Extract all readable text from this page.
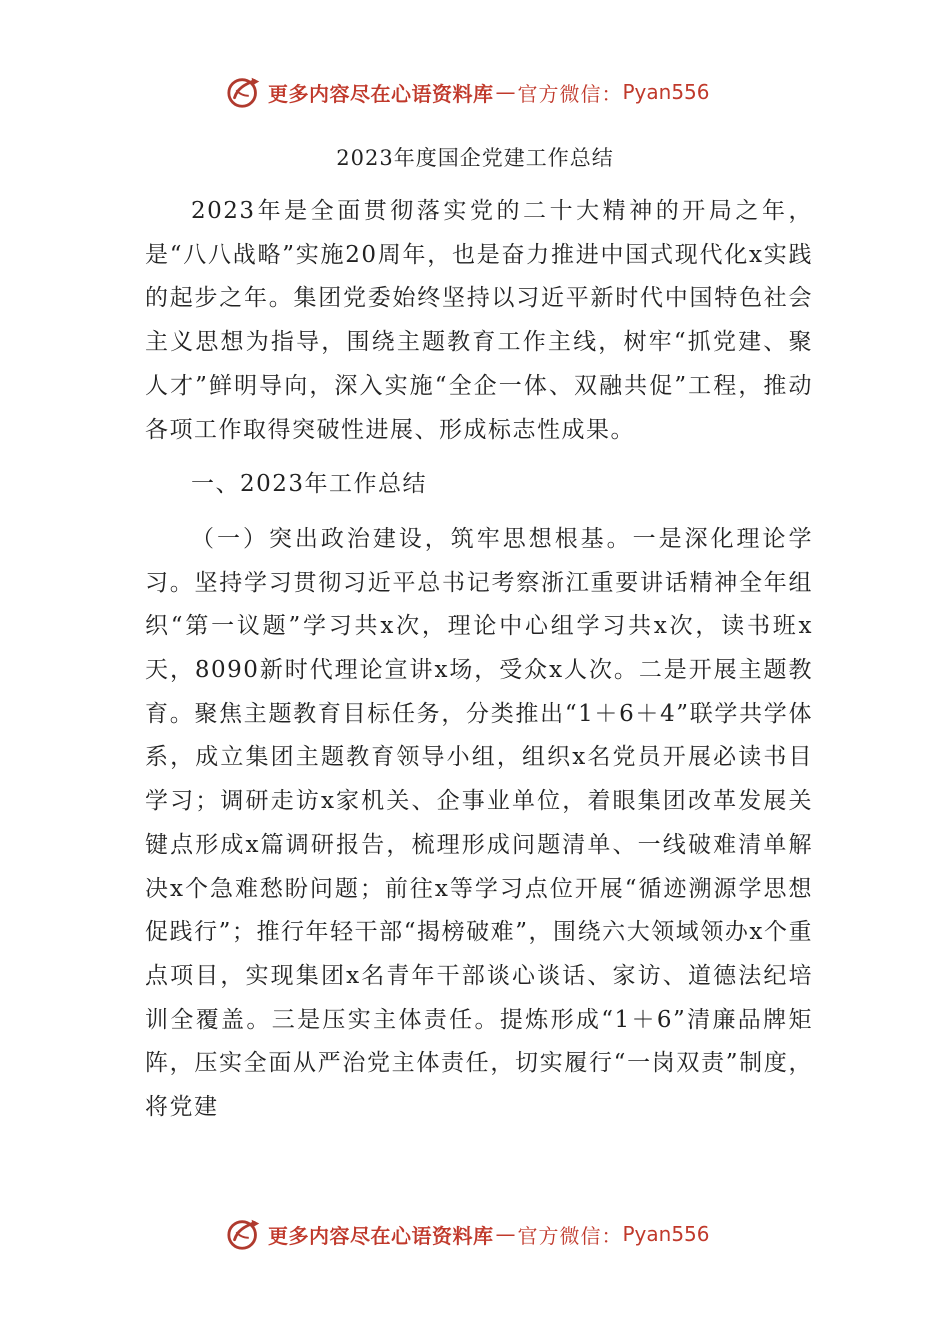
更多内容尽在心语资料库 — 官方微信： Pyan556
2023年度国企党建工作总结

2023年是全面贯彻落实党的二十大精神的开局之年，是“八八战略”实施20周年，也是奋力推进中国式现代化x实践的起步之年。集团党委始终坚持以习近平新时代中国特色社会主义思想为指导，围绕主题教育工作主线，树牢“抓党建、聚人才”鲜明导向，深入实施“全企一体、双融共促”工程，推动各项工作取得突破性进展、形成标志性成果。

一、2023年工作总结

（一）突出政治建设，筑牢思想根基。一是深化理论学习。坚持学习贯彻习近平总书记考察浙江重要讲话精神全年组织“第一议题”学习共x次，理论中心组学习共x次，读书班x天，8090新时代理论宣讲x场，受众x人次。二是开展主题教育。聚焦主题教育目标任务，分类推出“1＋6＋4”联学共学体系，成立集团主题教育领导小组，组织x名党员开展必读书目学习；调研走访x家机关、企事业单位，着眼集团改革发展关键点形成x篇调研报告，梳理形成问题清单、一线破难清单解决x个急难愁盼问题；前往x等学习点位开展“循迹溯源学思想促践行”；推行年轻干部“揭榜破难”，围绕六大领域领办x个重点项目，实现集团x名青年干部谈心谈话、家访、道德法纪培训全覆盖。三是压实主体责任。提炼形成“1＋6”清廉品牌矩阵，压实全面从严治党主体责任，切实履行“一岗双责”制度，将党建

更多内容尽在心语资料库 — 官方微信： Pyan556
